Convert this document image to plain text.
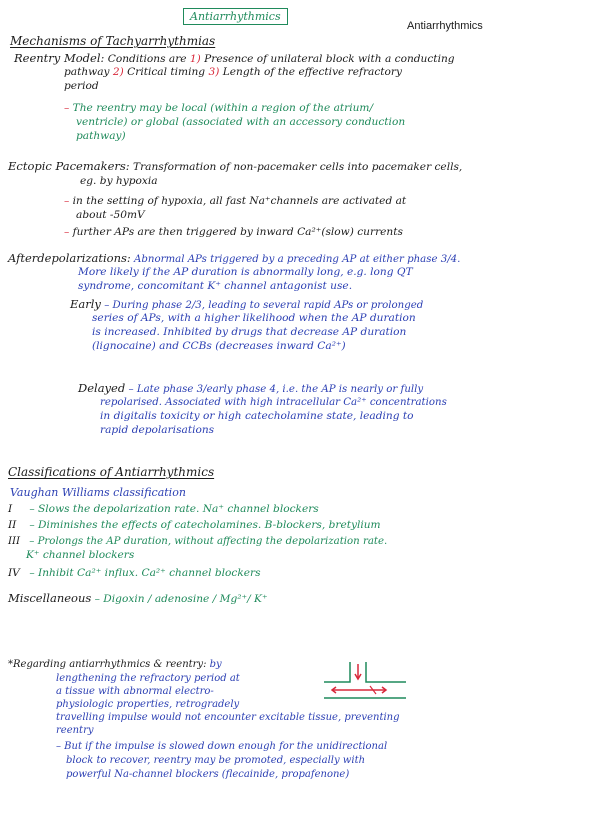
Antiarrhythmics
Antiarrhythmics
Mechanisms of Tachyarrhythmias
Reentry Model: Conditions are 1) Presence of unilateral block with a conducting
pathway 2) Critical timing 3) Length of the effective refractory
period
– The reentry may be local (within a region of the atrium/
ventricle) or global (associated with an accessory conduction
pathway)
Ectopic Pacemakers: Transformation of non-pacemaker cells into pacemaker cells,
eg. by hypoxia
– in the setting of hypoxia, all fast Na⁺channels are activated at
about -50mV
– further APs are then triggered by inward Ca²⁺(slow) currents
Afterdepolarizations: Abnormal APs triggered by a preceding AP at either phase 3/4.
More likely if the AP duration is abnormally long, e.g. long QT
syndrome, concomitant K⁺ channel antagonist use.
Early – During phase 2/3, leading to several rapid APs or prolonged
series of APs, with a higher likelihood when the AP duration
is increased. Inhibited by drugs that decrease AP duration
(lignocaine) and CCBs (decreases inward Ca²⁺)
Delayed – Late phase 3/early phase 4, i.e. the AP is nearly or fully
repolarised. Associated with high intracellular Ca²⁺ concentrations
in digitalis toxicity or high catecholamine state, leading to
rapid depolarisations
Classifications of Antiarrhythmics
Vaughan Williams classification
I – Slows the depolarization rate. Na⁺ channel blockers
II – Diminishes the effects of catecholamines. B-blockers, bretylium
III – Prolongs the AP duration, without affecting the depolarization rate.
K⁺ channel blockers
IV – Inhibit Ca²⁺ influx. Ca²⁺ channel blockers
Miscellaneous – Digoxin / adenosine / Mg²⁺/ K⁺
*Regarding antiarrhythmics & reentry: by
lengthening the refractory period at
a tissue with abnormal electro-
physiologic properties, retrogradely
travelling impulse would not encounter excitable tissue, preventing
reentry
– But if the impulse is slowed down enough for the unidirectional
block to recover, reentry may be promoted, especially with
powerful Na-channel blockers (flecainide, propafenone)
